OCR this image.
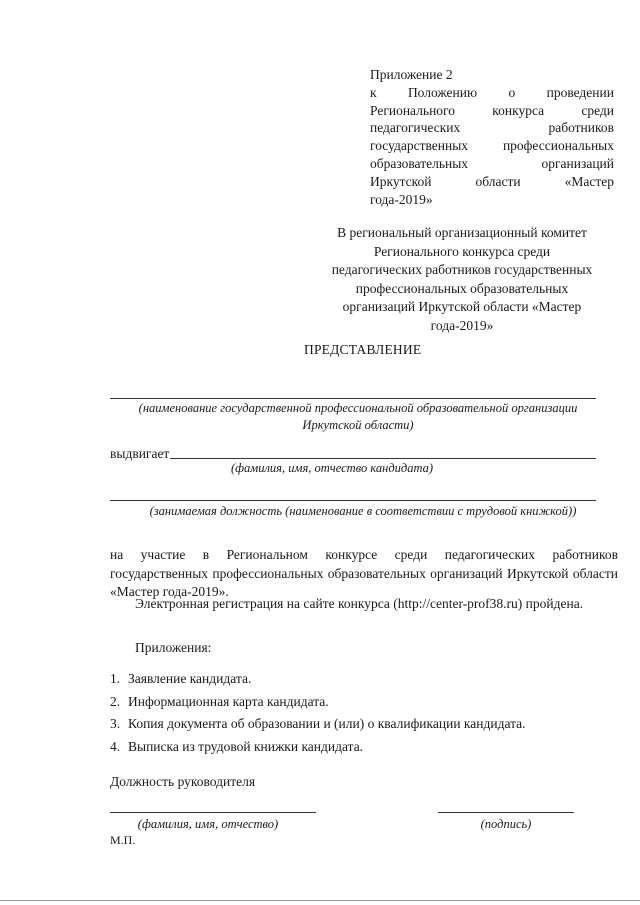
Приложение 2
к Положению о проведении
Регионального	конкурса	среди
педагогических	работников
государственных	профессиональных
образовательных	организаций
Иркутской	области	«Мастер
года-2019»
В региональный организационный комитет
Регионального конкурса среди
педагогических работников государственных
профессиональных образовательных
организаций Иркутской области «Мастер
года-2019»
ПРЕДСТАВЛЕНИЕ
(наименование государственной профессиональной образовательной организации
Иркутской области)
выдвигает
(фамилия, имя, отчество кандидата)
(занимаемая должность (наименование в соответствии с трудовой книжкой))
на участие в Региональном конкурсе среди педагогических работников государственных профессиональных образовательных организаций Иркутской области «Мастер года-2019».
Электронная регистрация на сайте конкурса (http://center-prof38.ru) пройдена.
Приложения:
1. Заявление кандидата.
2. Информационная карта кандидата.
3. Копия документа об образовании и (или) о квалификации кандидата.
4. Выписка из трудовой книжки кандидата.
Должность руководителя
(фамилия, имя, отчество)	(подпись)
М.П.
